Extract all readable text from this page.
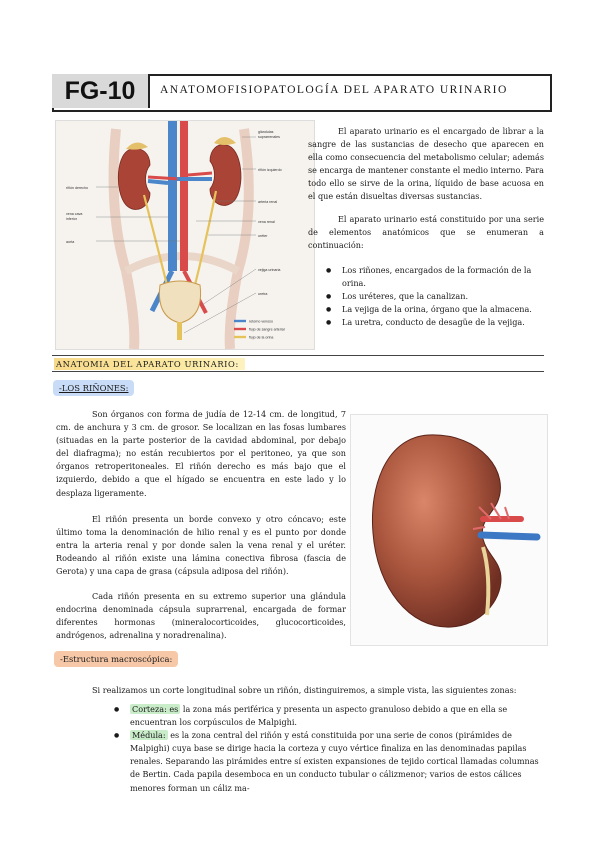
FG-10	ANATOMOFISIOPATOLOGÍA DEL APARATO URINARIO
glándulas
suprarrenales
riñón izquierdo
arteria renal
vena renal
uréter
vejiga urinaria
uretra
riñón derecho
vena cava
inferior
aorta
retorno venoso
flujo de sangre arterial
flujo de la orina
El aparato urinario es el encargado de librar a la sangre de las sustancias de desecho que aparecen en ella como consecuencia del metabolismo celular; además se encarga de mantener constante el medio interno. Para todo ello se sirve de la orina, líquido de base acuosa en el que están disueltas diversas sustancias.
El aparato urinario está constituido por una serie de elementos anatómicos que se enumeran a continuación:
● Los riñones, encargados de la formación de la orina.
● Los uréteres, que la canalizan.
● La vejiga de la orina, órgano que la almacena.
● La uretra, conducto de desagüe de la vejiga.
ANATOMIA DEL APARATO URINARIO:
-LOS RIÑONES:
Son órganos con forma de judía de 12-14 cm. de longitud, 7 cm. de anchura y 3 cm. de grosor. Se localizan en las fosas lumbares (situadas en la parte posterior de la cavidad abdominal, por debajo del diafragma); no están recubiertos por el peritoneo, ya que son órganos retroperitoneales. El riñón derecho es más bajo que el izquierdo, debido a que el hígado se encuentra en este lado y lo desplaza ligeramente.
El riñón presenta un borde convexo y otro cóncavo; este último toma la denominación de hilio renal y es el punto por donde entra la arteria renal y por donde salen la vena renal y el uréter. Rodeando al riñón existe una lámina conectiva fibrosa (fascia de Gerota) y una capa de grasa (cápsula adiposa del riñón).
Cada riñón presenta en su extremo superior una glándula endocrina denominada cápsula suprarrenal, encargada de formar diferentes hormonas (mineralocorticoides, glucocorticoides, andrógenos, adrenalina y noradrenalina).
-Estructura macroscópica:
Si realizamos un corte longitudinal sobre un riñón, distinguiremos, a simple vista, las siguientes zonas:
● Corteza: es la zona más periférica y presenta un aspecto granuloso debido a que en ella se encuentran los corpúsculos de Malpighi.
● Médula: es la zona central del riñón y está constituida por una serie de conos (pirámides de Malpighi) cuya base se dirige hacia la corteza y cuyo vértice finaliza en las denominadas papilas renales. Separando las pirámides entre sí existen expansiones de tejido cortical llamadas columnas de Bertin. Cada papila desemboca en un conducto tubular o cálizmenor; varios de estos cálices menores forman un cáliz ma-
